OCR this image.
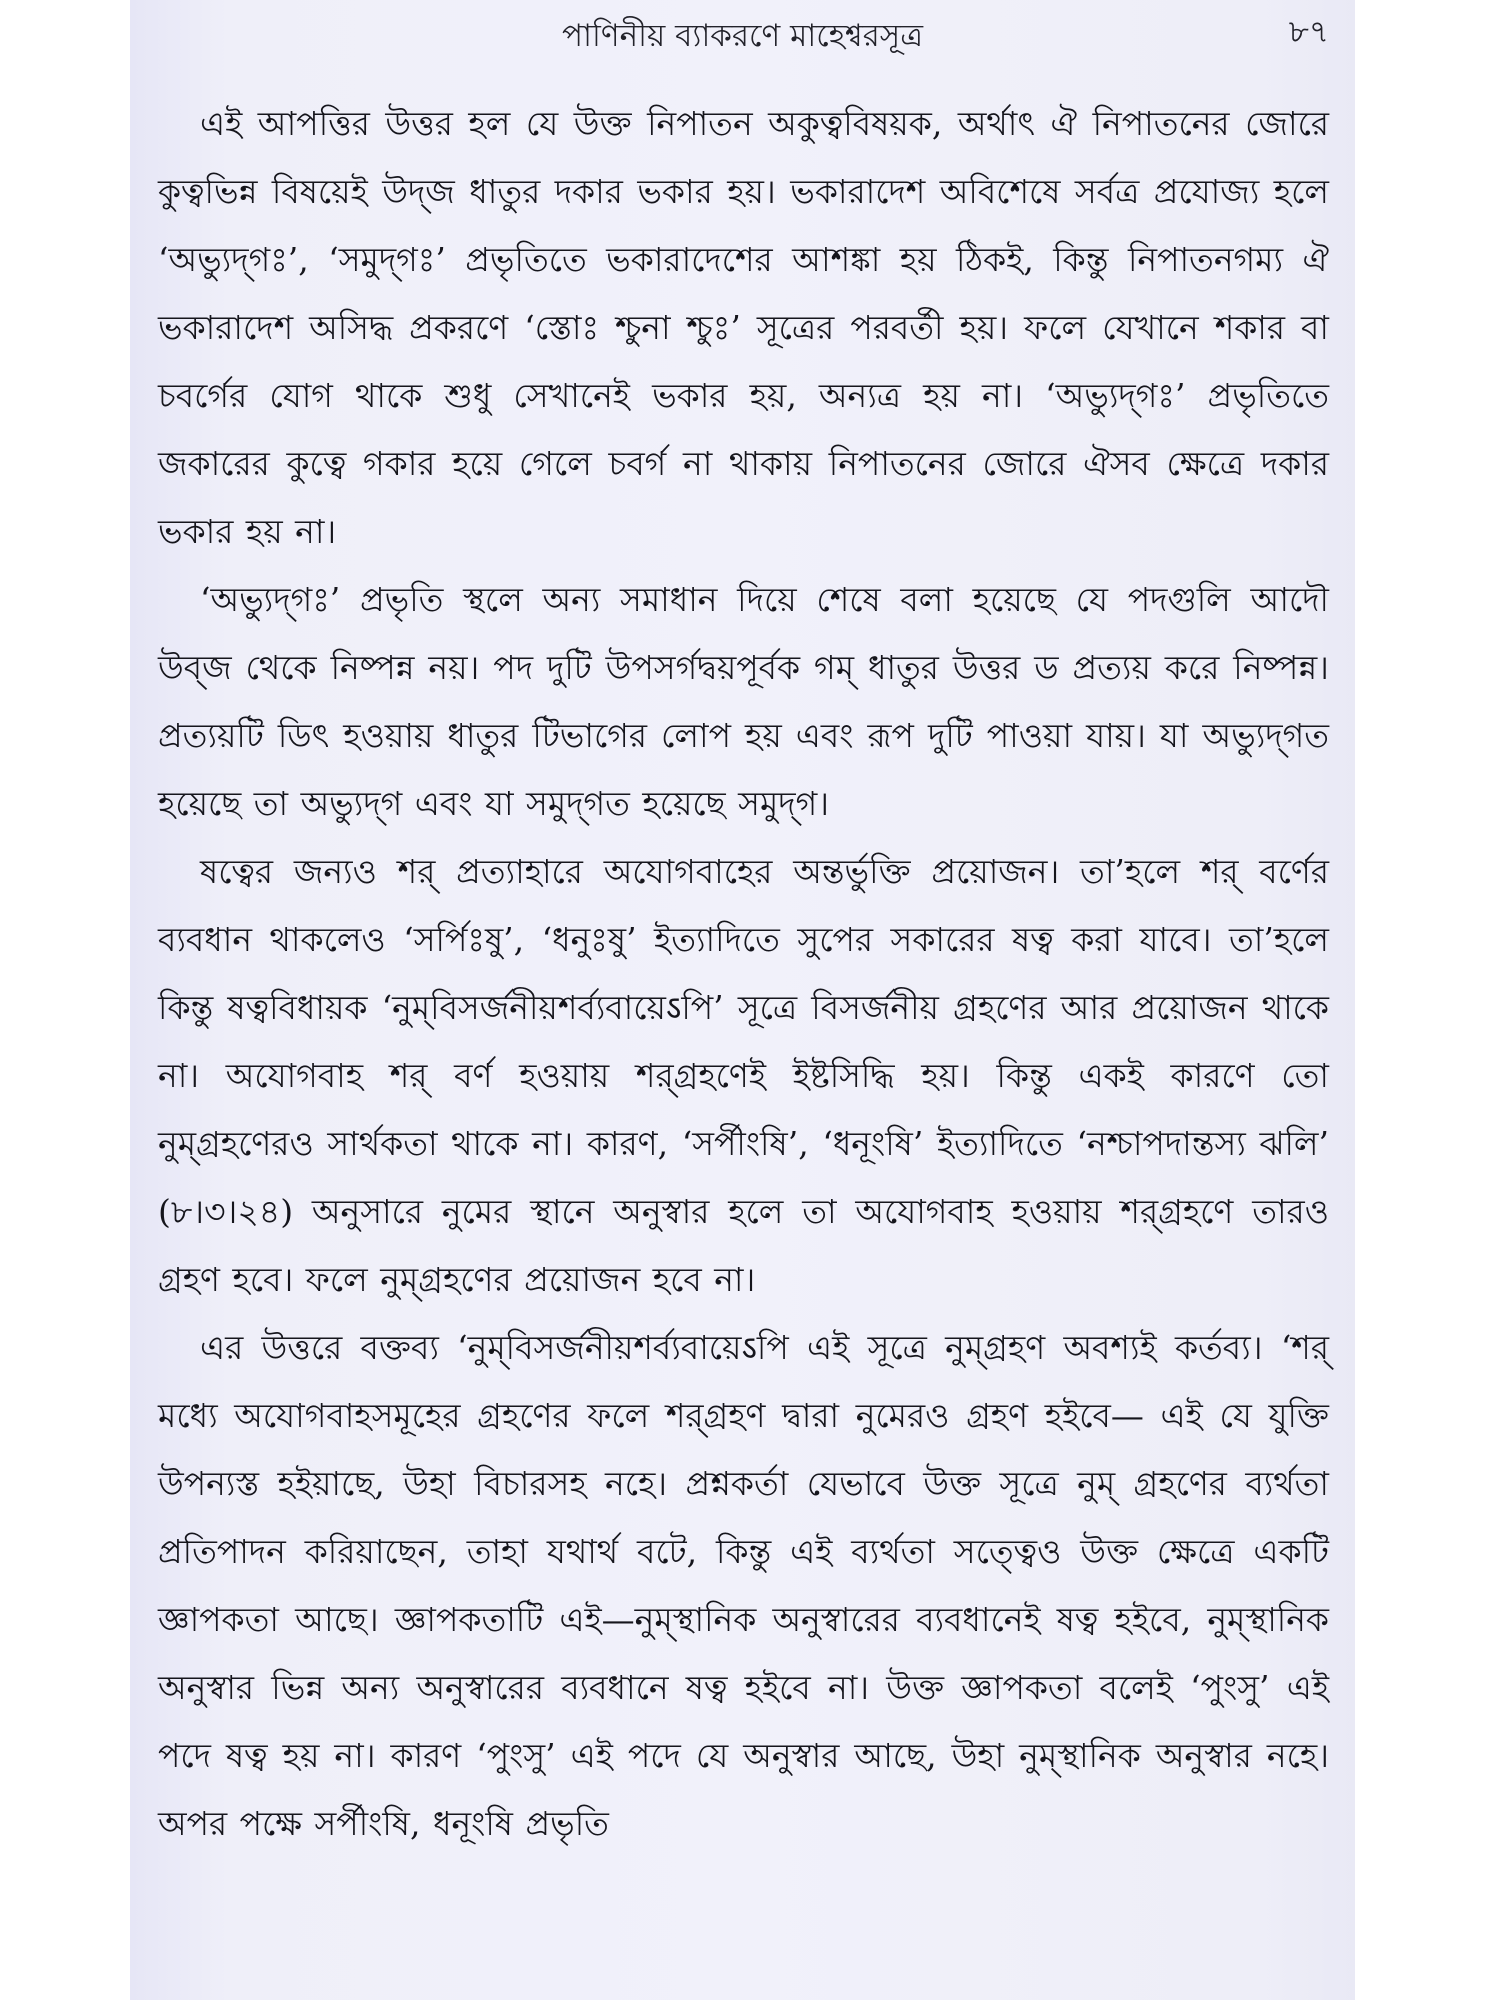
পাণিনীয় ব্যাকরণে মাহেশ্বরসূত্র	৮৭

এই আপত্তির উত্তর হল যে উক্ত নিপাতন অকুত্ববিষয়ক, অর্থাৎ ঐ নিপাতনের জোরে কুত্বভিন্ন বিষয়েই উদ্‌জ ধাতুর দকার ভকার হয়। ভকারাদেশ অবিশেষে সর্বত্র প্রযোজ্য হলে ‘অভ্যুদ্‌গঃ’, ‘সমুদ্‌গঃ’ প্রভৃতিতে ভকারাদেশের আশঙ্কা হয় ঠিকই, কিন্তু নিপাতনগম্য ঐ ভকারাদেশ অসিদ্ধ প্রকরণে ‘স্তোঃ শ্চুনা শ্চুঃ’ সূত্রের পরবর্তী হয়। ফলে যেখানে শকার বা চবর্গের যোগ থাকে শুধু সেখানেই ভকার হয়, অন্যত্র হয় না। ‘অভ্যুদ্‌গঃ’ প্রভৃতিতে জকারের কুত্বে গকার হয়ে গেলে চবর্গ না থাকায় নিপাতনের জোরে ঐসব ক্ষেত্রে দকার ভকার হয় না।

‘অভ্যুদ্‌গঃ’ প্রভৃতি স্থলে অন্য সমাধান দিয়ে শেষে বলা হয়েছে যে পদগুলি আদৌ উব্‌জ থেকে নিষ্পন্ন নয়। পদ দুটি উপসর্গদ্বয়পূর্বক গম্‌ ধাতুর উত্তর ড প্রত্যয় করে নিষ্পন্ন। প্রত্যয়টি ডিৎ হওয়ায় ধাতুর টিভাগের লোপ হয় এবং রূপ দুটি পাওয়া যায়। যা অভ্যুদ্‌গত হয়েছে তা অভ্যুদ্‌গ এবং যা সমুদ্‌গত হয়েছে সমুদ্‌গ।

ষত্বের জন্যও শর্‌ প্রত্যাহারে অযোগবাহের অন্তর্ভুক্তি প্রয়োজন। তা’হলে শর্‌ বর্ণের ব্যবধান থাকলেও ‘সর্পিঃষু’, ‘ধনুঃষু’ ইত্যাদিতে সুপের সকারের ষত্ব করা যাবে। তা’হলে কিন্তু ষত্ববিধায়ক ‘নুম্‌বিসর্জনীয়শর্ব্যবায়েऽপি’ সূত্রে বিসর্জনীয় গ্রহণের আর প্রয়োজন থাকে না। অযোগবাহ শর্‌ বর্ণ হওয়ায় শর্‌গ্রহণেই ইষ্টসিদ্ধি হয়। কিন্তু একই কারণে তো নুম্‌গ্রহণেরও সার্থকতা থাকে না। কারণ, ‘সর্পীংষি’, ‘ধনূংষি’ ইত্যাদিতে ‘নশ্চাপদান্তস্য ঝলি’ (৮।৩।২৪) অনুসারে নুমের স্থানে অনুস্বার হলে তা অযোগবাহ হওয়ায় শর্‌গ্রহণে তারও গ্রহণ হবে। ফলে নুম্‌গ্রহণের প্রয়োজন হবে না।

এর উত্তরে বক্তব্য ‘নুম্‌বিসর্জনীয়শর্ব্যবায়েऽপি এই সূত্রে নুম্‌গ্রহণ অবশ্যই কর্তব্য। ‘শর্‌ মধ্যে অযোগবাহসমূহের গ্রহণের ফলে শর্‌গ্রহণ দ্বারা নুমেরও গ্রহণ হইবে— এই যে যুক্তি উপন্যস্ত হইয়াছে, উহা বিচারসহ নহে। প্রশ্নকর্তা যেভাবে উক্ত সূত্রে নুম্‌ গ্রহণের ব্যর্থতা প্রতিপাদন করিয়াছেন, তাহা যথার্থ বটে, কিন্তু এই ব্যর্থতা সত্ত্বেও উক্ত ক্ষেত্রে একটি জ্ঞাপকতা আছে। জ্ঞাপকতাটি এই—নুম্‌স্থানিক অনুস্বারের ব্যবধানেই ষত্ব হইবে, নুম্‌স্থানিক অনুস্বার ভিন্ন অন্য অনুস্বারের ব্যবধানে ষত্ব হইবে না। উক্ত জ্ঞাপকতা বলেই ‘পুংসু’ এই পদে ষত্ব হয় না। কারণ ‘পুংসু’ এই পদে যে অনুস্বার আছে, উহা নুম্‌স্থানিক অনুস্বার নহে। অপর পক্ষে সর্পীংষি, ধনূংষি প্রভৃতি
